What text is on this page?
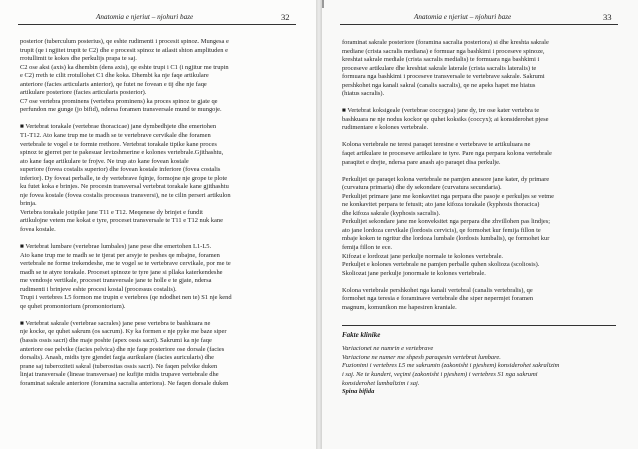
Anatomia e njeriut – njohuri baze	32

posterior (tuberculum posterius), qe eshte rudimenti i procesit spinoz. Mungesa e
trupit (qe i ngjitet trupit te C2) dhe e procesit spinoz te atlasit shton amplituden e
rrotullimit te kokes dhe perkulijs prapa te saj.

C2 ose aksi (axis) ka dhembin (dens axis), qe eshte trupi i C1 (i ngjitur me trupin
e C2) rreth te cilit rrotullohet C1 dhe koka. Dhembi ka nje faqe artikulare
anteriore (facies articularis anterior), qe futet ne fovean e tij dhe nje faqe
artikulare posteriore (facies articularis posterior).
C7 ose vertebra prominens (vertebra prominens) ka proces spinoz te gjate qe
perfundon me gunge (jo bifid), ndersa foramen transversale mund te mungoje.

■ Vertebrat torakale (vertebrae thoracicae) jane dymbedhjete dhe emertohen
T1-T12. Ato kane trup me te madh se te vertebrave cervikale dhe foramen
vertebrale te vogel e te formte rrethore. Vertebrat torakale tipike kane proces
spinoz te gjerret per te pakesuar levizshmerine e kolones vertebrale.Gjithashtu,
ato kane faqe artikulare te frojve. Ne trup ato kane fovean kostale
superiore (fovea costalis superior) dhe fovean kostale inferiore (fovea costalis
inferior). Dy foveat perballe, te dy vertebrave fqinje, formojne nje grope te plote
ku futet koka e brinjes. Ne procesin transversal vertebrat torakale kane gjithashtu
nje fovea kostale (fovea costalis processus transversi), ne te cilin perseri artikulon
brinja.
Vertebra torakale jotipike jane T11 e T12. Meqenese dy brinjet e fundit
artikulojne vetem me kokat e tyre, proceset transversale te T11 e T12 nuk kane
fovea kostale.

■ Vertebrat lumbare (vertebrae lumbales) jane pese dhe emertohen L1-L5.
Ato kane trup me te madh se te tjerat per arsyje te peshes qe mbajne, foramen
vertebrale ne forme trekendeshe, me te vogel se te vertebrave cervikale, por me te
madh se te atyre torakale. Proceset spinoze te tyre jane si pllaka katerkendeshe
me vendosje vertikale, proceset transversale jane te holle e te gjate, ndersa
rudimenti i brinjeve eshte procesi kostal (processus costalis).
Trupi i vertebres L5 formon me trupin e vertebres (qe ndodhet nen te) S1 nje kend
qe quhet promontorium (promontorium).

■ Vertebrat sakrale (vertebrae sacrales) jane pese vertebra te bashkuara ne
nje kocke, qe quhet sakrum (os sacrum). Ky ka formen e nje pyke me baze siper
(bassis ossis sacri) dhe maje poshte (apex ossis sacri). Sakrumi ka nje faqe
anteriore ose pelvike (facies pelvica) dhe nje faqe posteriore ose dorsale (facies
dorsalis). Anash, midis tyre gjendet faqja aurikulare (facies auricularis) dhe
prane saj tuberoziteti sakral (tuberositas ossis sacri). Ne faqen pelvike duken
linjat transversale (lineae transversae) ne kufijte midis trupave vertebrale dhe
foraminat sakrale anteriore (foramina sacralia anteriora). Ne faqen dorsale duken

Anatomia e njeriut – njohuri baze	33

foraminat sakrale posteriore (foramina sacralia posteriora) si dhe kreshta sakrale
mediane (crista sacralis mediana) e formuar nga bashkimi i proceseve spinoze,
kreshtat sakrale mediale (crista sacralis medialis) te formuara nga bashkimi i
proceseve artikulare dhe kreshtat sakrale laterale (crista sacralis lateralis) te
formuara nga bashkimi i proceseve transversale te vertebrave sakrale. Sakrumi
pershkohet nga kanali sakral (canalis sacralis), qe ne apeks hapet me hiatus
(hiatus sacralis).

■ Vertebrat koksigeale (vertebrae coccygea) jane dy, tre ose kater vertebra te
bashkuara ne nje nodus kockor qe quhet koksiks (coccyx); ai konsiderohet pjese
rudimentare e kolones vertebrale.

Kolona vertebrale ne teresi paraqet teresine e vertebrave te artikuluara ne
faqet artikulare te proceseve artikulare te tyre. Pare nga perpara kolona vertebrale
paraqitet e drejte, ndersa pare anash ajo paraqet disa perkulje.

Perkulijet qe paraqet kolona vertebrale ne pamjen anesore jane kater, dy primare
(curvatura primaria) dhe dy sekondare (curvatura secundaria).
Perkulijet primare jane me konkavitet nga perpara dhe pasoje e perkuljes se vetme
ne konkavitet perpara te fetusit; ato jane kifoza torakale (kyphosis thoracica)
dhe kifoza sakrale (kyphosis sacralis).
Perkulijet sekondare jane me konveksitet nga perpara dhe zhvillohen pas lindjes;
ato jane lordoza cervikale (lordosis cervicis), qe formohet kur femija fillon te
mbaje koken te ngritur dhe lordoza lumbale (lordosis lumbalis), qe formohet kur
femija fillon te ece.
Kifozat e lordozat jane perkulje normale te kolones vertebrale.
Perkuljet e kolones vertebrale ne pamjen perballe quhen skolioza (scoliosis).
Skoliozat jane perkulje jonormale te kolones vertebrale.

Kolona vertebrale pershkohet nga kanali vertebral (canalis vertebralis), qe
formohet nga teresia e foraminave vertebrale dhe siper nepermjet foramen
magnum, komunikon me hapesiren kraniale.

Fakte klinike

Variacionet ne numrin e vertebrave
Variacione ne numer me shpesh paraqesin vertebrat lumbare.
Fuzionimi i vertebres L5 me sakrumin (zakonisht i pjeshem) konsiderohet sakralizim
i saj. Ne te kundert, veçimi (zakonisht i pjeshem) i vertebres S1 nga sakrumi
konsiderohet lumbalizim i saj.
Spina bifida
